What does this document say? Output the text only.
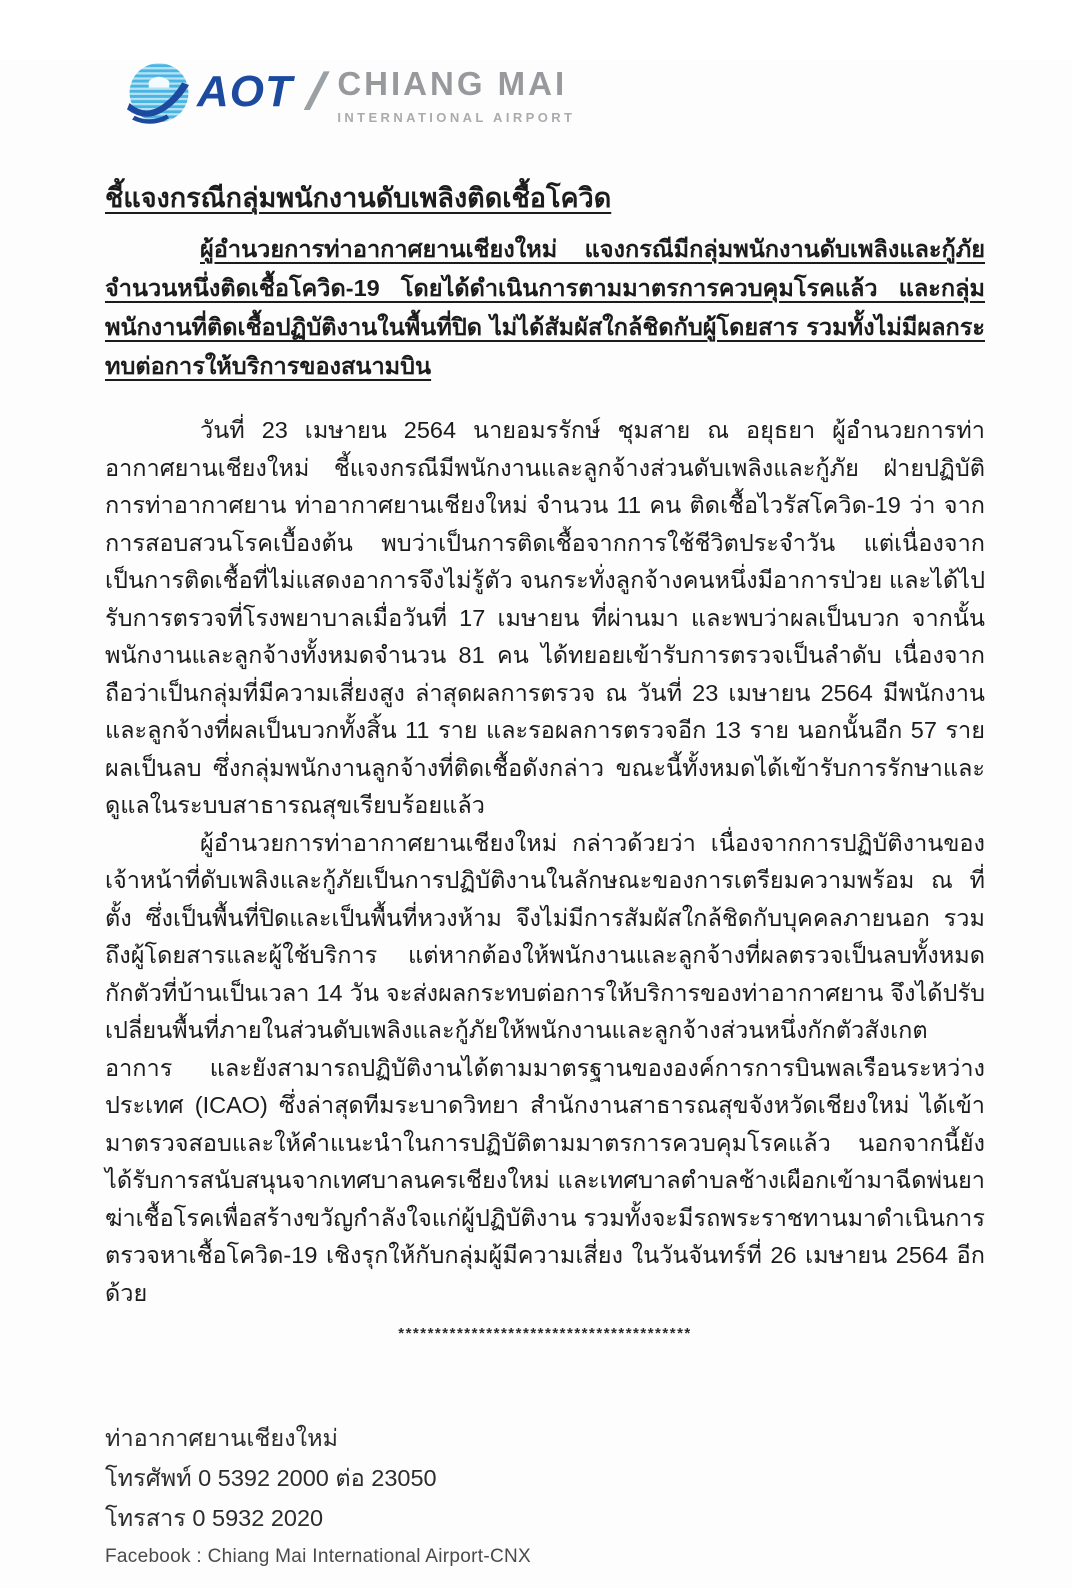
AOT / CHIANG MAI
INTERNATIONAL AIRPORT
ชี้แจงกรณีกลุ่มพนักงานดับเพลิงติดเชื้อโควิด

ผู้อำนวยการท่าอากาศยานเชียงใหม่ แจงกรณีมีกลุ่มพนักงานดับเพลิงและกู้ภัยจำนวนหนึ่งติดเชื้อโควิด-19 โดยได้ดำเนินการตามมาตรการควบคุมโรคแล้ว และกลุ่มพนักงานที่ติดเชื้อปฏิบัติงานในพื้นที่ปิด ไม่ได้สัมผัสใกล้ชิดกับผู้โดยสาร รวมทั้งไม่มีผลกระทบต่อการให้บริการของสนามบิน

วันที่ 23 เมษายน 2564 นายอมรรักษ์ ชุมสาย ณ อยุธยา ผู้อำนวยการท่าอากาศยานเชียงใหม่ ชี้แจงกรณีมีพนักงานและลูกจ้างส่วนดับเพลิงและกู้ภัย ฝ่ายปฏิบัติการท่าอากาศยาน ท่าอากาศยานเชียงใหม่ จำนวน 11 คน ติดเชื้อไวรัสโควิด-19 ว่า จากการสอบสวนโรคเบื้องต้น พบว่าเป็นการติดเชื้อจากการใช้ชีวิตประจำวัน แต่เนื่องจากเป็นการติดเชื้อที่ไม่แสดงอาการจึงไม่รู้ตัว จนกระทั่งลูกจ้างคนหนึ่งมีอาการป่วย และได้ไปรับการตรวจที่โรงพยาบาลเมื่อวันที่ 17 เมษายน ที่ผ่านมา และพบว่าผลเป็นบวก จากนั้นพนักงานและลูกจ้างทั้งหมดจำนวน 81 คน ได้ทยอยเข้ารับการตรวจเป็นลำดับ เนื่องจากถือว่าเป็นกลุ่มที่มีความเสี่ยงสูง ล่าสุดผลการตรวจ ณ วันที่ 23 เมษายน 2564 มีพนักงานและลูกจ้างที่ผลเป็นบวกทั้งสิ้น 11 ราย และรอผลการตรวจอีก 13 ราย นอกนั้นอีก 57 ราย ผลเป็นลบ ซึ่งกลุ่มพนักงานลูกจ้างที่ติดเชื้อดังกล่าว ขณะนี้ทั้งหมดได้เข้ารับการรักษาและดูแลในระบบสาธารณสุขเรียบร้อยแล้ว

ผู้อำนวยการท่าอากาศยานเชียงใหม่ กล่าวด้วยว่า เนื่องจากการปฏิบัติงานของเจ้าหน้าที่ดับเพลิงและกู้ภัยเป็นการปฏิบัติงานในลักษณะของการเตรียมความพร้อม ณ ที่ตั้ง ซึ่งเป็นพื้นที่ปิดและเป็นพื้นที่หวงห้าม จึงไม่มีการสัมผัสใกล้ชิดกับบุคคลภายนอก รวมถึงผู้โดยสารและผู้ใช้บริการ แต่หากต้องให้พนักงานและลูกจ้างที่ผลตรวจเป็นลบทั้งหมดกักตัวที่บ้านเป็นเวลา 14 วัน จะส่งผลกระทบต่อการให้บริการของท่าอากาศยาน จึงได้ปรับเปลี่ยนพื้นที่ภายในส่วนดับเพลิงและกู้ภัยให้พนักงานและลูกจ้างส่วนหนึ่งกักตัวสังเกตอาการ และยังสามารถปฏิบัติงานได้ตามมาตรฐานขององค์การการบินพลเรือนระหว่างประเทศ (ICAO) ซึ่งล่าสุดทีมระบาดวิทยา สำนักงานสาธารณสุขจังหวัดเชียงใหม่ ได้เข้ามาตรวจสอบและให้คำแนะนำในการปฏิบัติตามมาตรการควบคุมโรคแล้ว นอกจากนี้ยังได้รับการสนับสนุนจากเทศบาลนครเชียงใหม่ และเทศบาลตำบลช้างเผือกเข้ามาฉีดพ่นยาฆ่าเชื้อโรคเพื่อสร้างขวัญกำลังใจแก่ผู้ปฏิบัติงาน รวมทั้งจะมีรถพระราชทานมาดำเนินการตรวจหาเชื้อโควิด-19 เชิงรุกให้กับกลุ่มผู้มีความเสี่ยง ในวันจันทร์ที่ 26 เมษายน 2564 อีกด้วย

****************************************
ท่าอากาศยานเชียงใหม่
โทรศัพท์ 0 5392 2000 ต่อ 23050
โทรสาร 0 5932 2020
Facebook : Chiang Mai International Airport-CNX
